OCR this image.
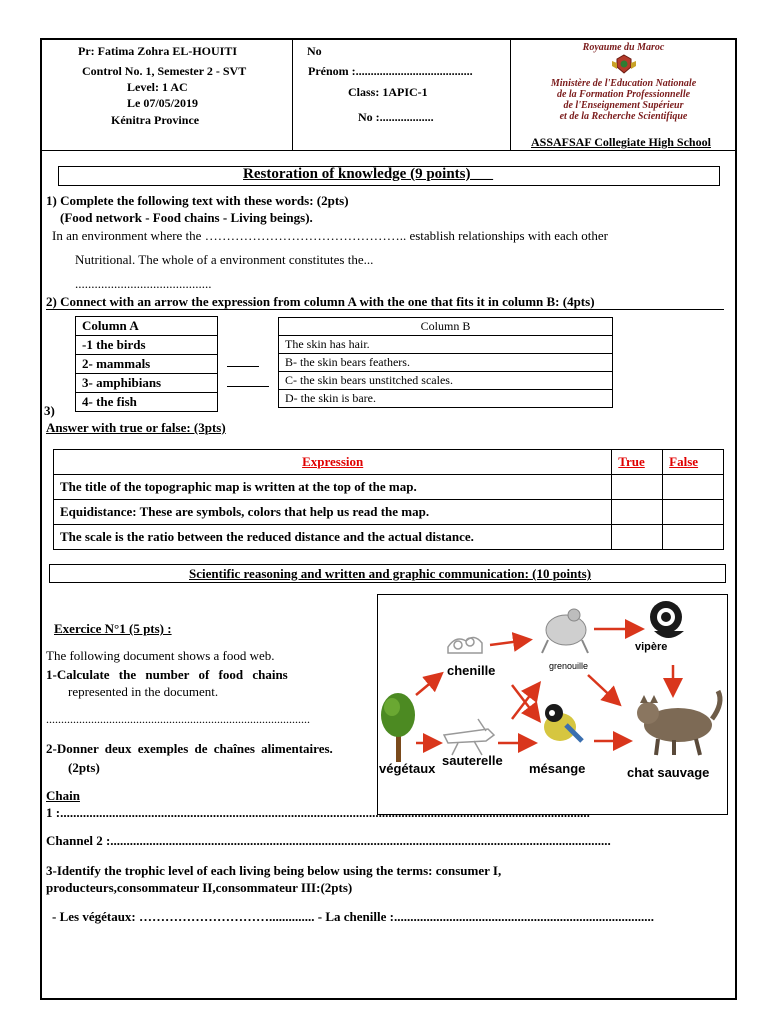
Pr: Fatima Zohra EL-HOUITI
Control No. 1, Semester 2 - SVT
Level: 1 AC
Le 07/05/2019
Kénitra Province
No
Prénom :.......................................
Class: 1APIC-1
No :..................
Royaume du Maroc
Ministère de l'Education Nationale
de la Formation Professionnelle
de l'Enseignement Supérieur
et de la Recherche Scientifique
ASSAFSAF Collegiate High School
Restoration of knowledge (9 points)___
1) Complete the following text with these words: (2pts)
(Food network - Food chains - Living beings).
In an environment where the ……………………………………….. establish relationships with each other
Nutritional. The whole of a environment constitutes the...
..........................................
2) Connect with an arrow the expression from column A with the one that fits it in column B: (4pts)
Column A
-1 the birds
2- mammals
3- amphibians
4- the fish
Column B
The skin has hair.
B- the skin bears feathers.
C- the skin bears unstitched scales.
D- the skin is bare.
3)
Answer with true or false: (3pts)
Expression	True	False
The title of the topographic map is written at the top of the map.		
Equidistance: These are symbols, colors that help us read the map.		
The scale is the ratio between the reduced distance and the actual distance.		
Scientific reasoning and written and graphic communication: (10 points)
Exercice N°1 (5 pts) :
The following document shows a food web.
1-Calculate the number of food chains
represented in the document.
........................................................................................
2-Donner deux exemples de chaînes alimentaires.
(2pts)	végétaux
chenille	grenouille
vipère
sauterelle
mésange	chat sauvage
Chain
1 :...................................................................................................................................................................
Channel 2 :..........................................................................................................................................................
3-Identify the trophic level of each living being below using the terms: consumer I,
producteurs,consommateur II,consommateur III:(2pts)
- Les végétaux: ………………………….............. - La chenille :................................................................................
